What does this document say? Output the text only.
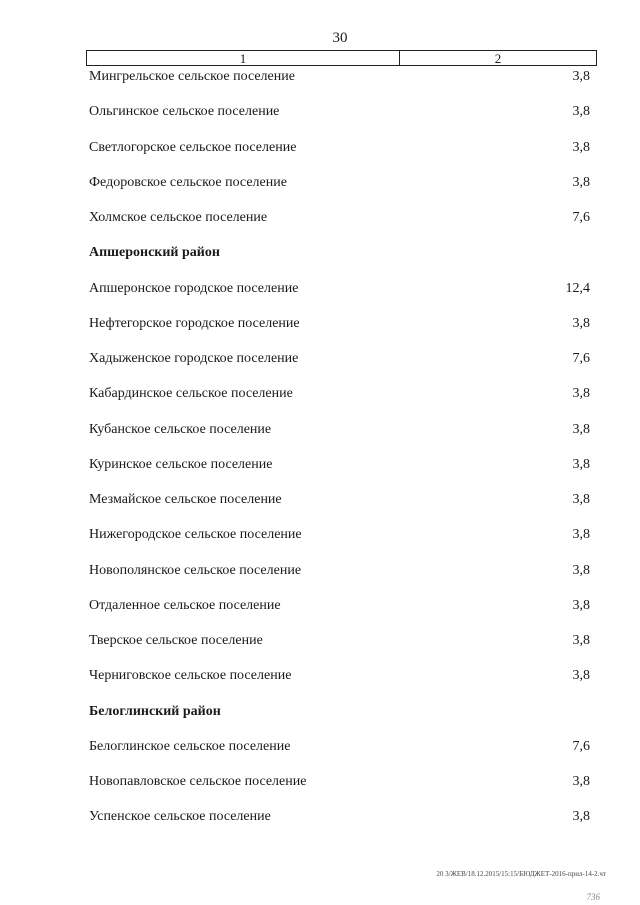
30
1	2
Мингрельское сельское поселение	3,8
Ольгинское сельское поселение	3,8
Светлогорское сельское поселение	3,8
Федоровское сельское поселение	3,8
Холмское сельское поселение	7,6
Апшеронский район
Апшеронское городское поселение	12,4
Нефтегорское городское поселение	3,8
Хадыженское городское поселение	7,6
Кабардинское сельское поселение	3,8
Кубанское сельское поселение	3,8
Куринское сельское поселение	3,8
Мезмайское сельское поселение	3,8
Нижегородское сельское поселение	3,8
Новополянское сельское поселение	3,8
Отдаленное сельское поселение	3,8
Тверское сельское поселение	3,8
Черниговское сельское поселение	3,8
Белоглинский район
Белоглинское сельское поселение	7,6
Новопавловское сельское поселение	3,8
Успенское сельское поселение	3,8
20 3/ЖЕВ/18.12.2015/15:15/БЮДЖЕТ-2016-прил-14-2.чт
736
